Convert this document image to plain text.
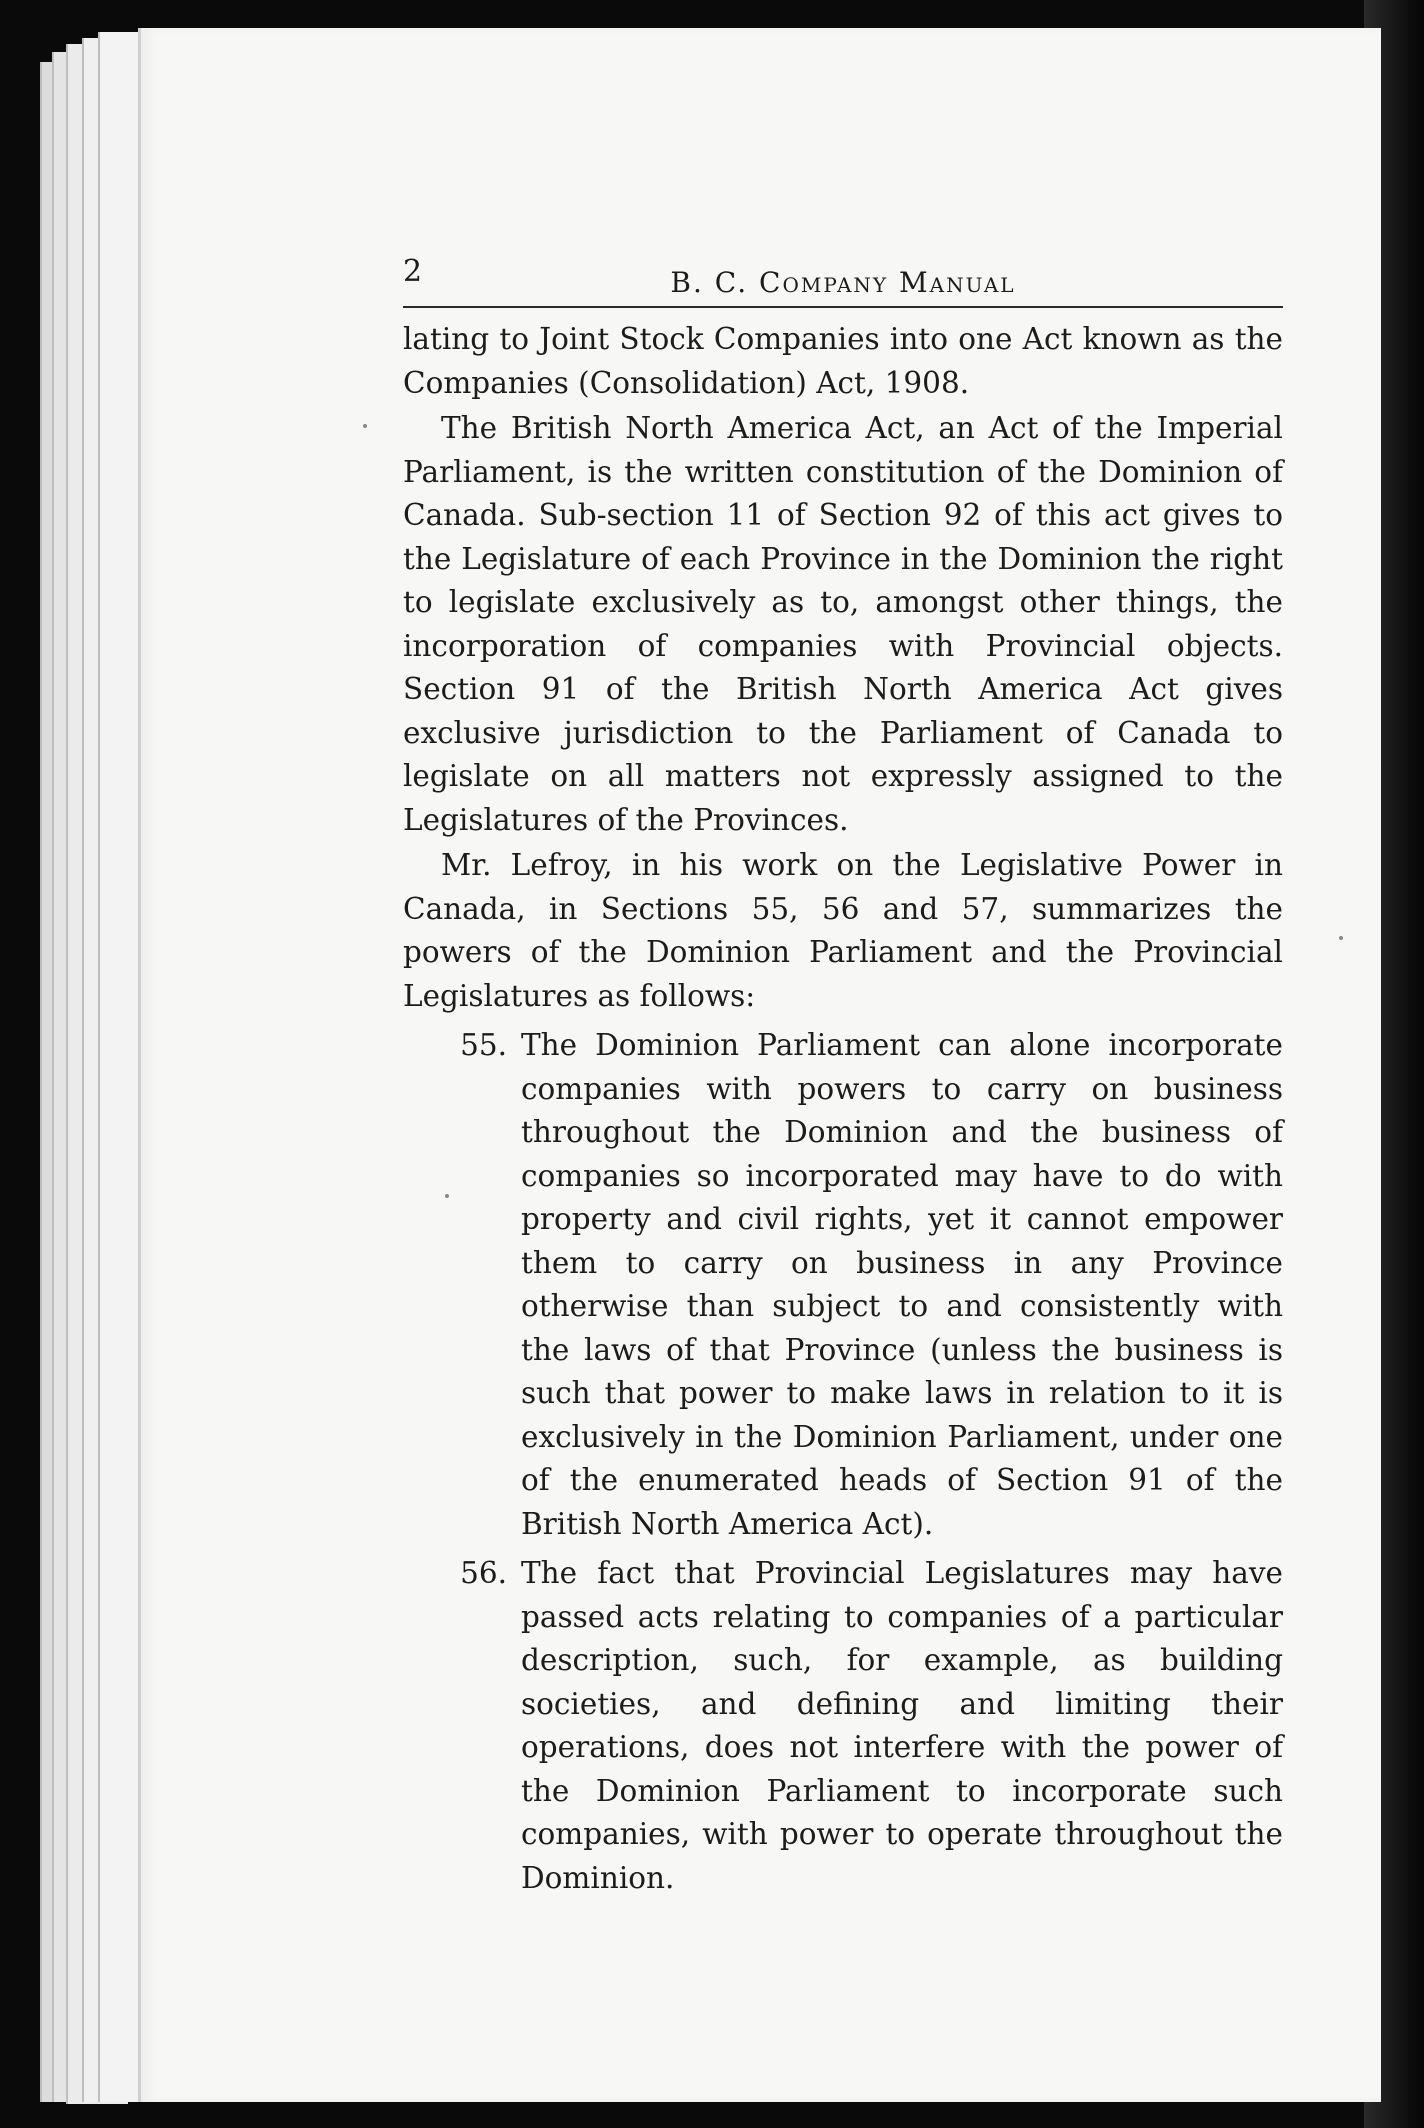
2	B. C. Company Manual

lating to Joint Stock Companies into one Act known as the Companies (Consolidation) Act, 1908.

The British North America Act, an Act of the Imperial Parliament, is the written constitution of the Dominion of Canada. Sub-section 11 of Section 92 of this act gives to the Legislature of each Province in the Dominion the right to legislate exclusively as to, amongst other things, the incorporation of companies with Provincial objects. Section 91 of the British North America Act gives exclusive jurisdiction to the Parliament of Canada to legislate on all matters not expressly assigned to the Legislatures of the Provinces.

Mr. Lefroy, in his work on the Legislative Power in Canada, in Sections 55, 56 and 57, summarizes the powers of the Dominion Parliament and the Provincial Legislatures as follows:

55. The Dominion Parliament can alone incorporate companies with powers to carry on business throughout the Dominion and the business of companies so incorporated may have to do with property and civil rights, yet it cannot empower them to carry on business in any Province otherwise than subject to and consistently with the laws of that Province (unless the business is such that power to make laws in relation to it is exclusively in the Dominion Parliament, under one of the enumerated heads of Section 91 of the British North America Act).
56. The fact that Provincial Legislatures may have passed acts relating to companies of a particular description, such, for example, as building societies, and defining and limiting their operations, does not interfere with the power of the Dominion Parliament to incorporate such companies, with power to operate throughout the Dominion.
